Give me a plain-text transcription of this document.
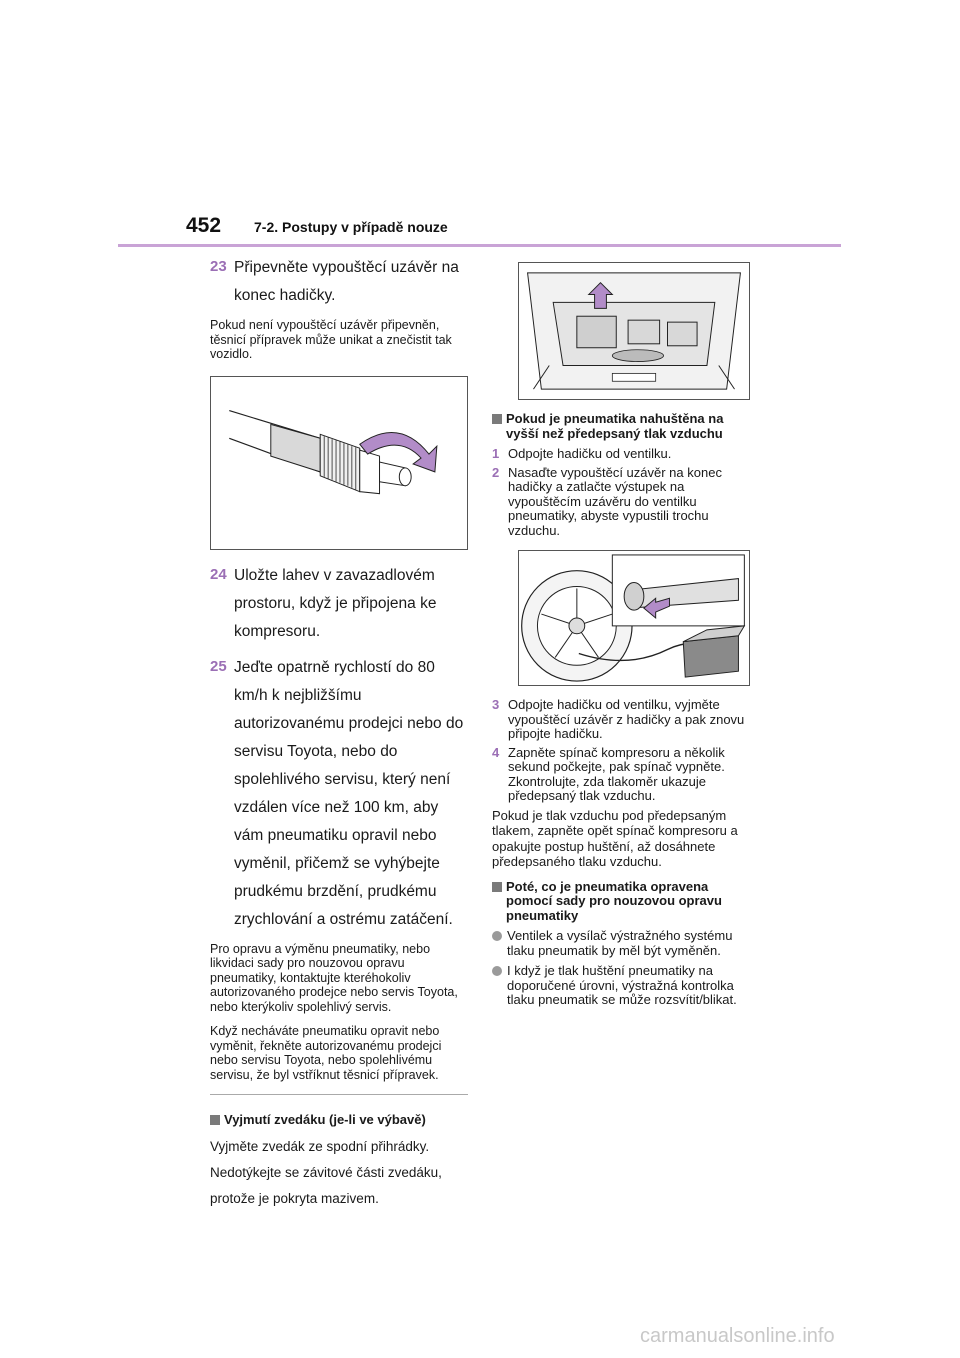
452 7-2. Postupy v případě nouze
23 Připevněte vypouštěcí uzávěr na konec hadičky.
Pokud není vypouštěcí uzávěr připevněn, těsnicí přípravek může unikat a znečistit tak vozidlo.
24 Uložte lahev v zavazadlovém prostoru, když je připojena ke kompresoru.
25 Jeďte opatrně rychlostí do 80 km/h k nejbližšímu autorizovanému prodejci nebo do servisu Toyota, nebo do spolehlivého servisu, který není vzdálen více než 100 km, aby vám pneumatiku opravil nebo vyměnil, přičemž se vyhýbejte prudkému brzdění, prudkému zrychlování a ostrému zatáčení.
Pro opravu a výměnu pneumatiky, nebo likvidaci sady pro nouzovou opravu pneumatiky, kontaktujte kteréhokoliv autorizovaného prodejce nebo servis Toyota, nebo kterýkoliv spolehlivý servis.
Když necháváte pneumatiku opravit nebo vyměnit, řekněte autorizovanému prodejci nebo servisu Toyota, nebo spolehlivému servisu, že byl vstříknut těsnicí přípravek.
Vyjmutí zvedáku (je-li ve výbavě)
Vyjměte zvedák ze spodní přihrádky.
Nedotýkejte se závitové části zvedáku, protože je pokryta mazivem.
Pokud je pneumatika nahuštěna na vyšší než předepsaný tlak vzduchu
1 Odpojte hadičku od ventilku.
2 Nasaďte vypouštěcí uzávěr na konec hadičky a zatlačte výstupek na vypouštěcím uzávěru do ventilku pneumatiky, abyste vypustili trochu vzduchu.
3 Odpojte hadičku od ventilku, vyjměte vypouštěcí uzávěr z hadičky a pak znovu připojte hadičku.
4 Zapněte spínač kompresoru a několik sekund počkejte, pak spínač vypněte. Zkontrolujte, zda tlakoměr ukazuje předepsaný tlak vzduchu.
Pokud je tlak vzduchu pod předepsaným tlakem, zapněte opět spínač kompresoru a opakujte postup huštění, až dosáhnete předepsaného tlaku vzduchu.
Poté, co je pneumatika opravena pomocí sady pro nouzovou opravu pneumatiky
Ventilek a vysílač výstražného systému tlaku pneumatik by měl být vyměněn.
I když je tlak huštění pneumatiky na doporučené úrovni, výstražná kontrolka tlaku pneumatik se může rozsvítit/blikat.
carmanualsonline.info
